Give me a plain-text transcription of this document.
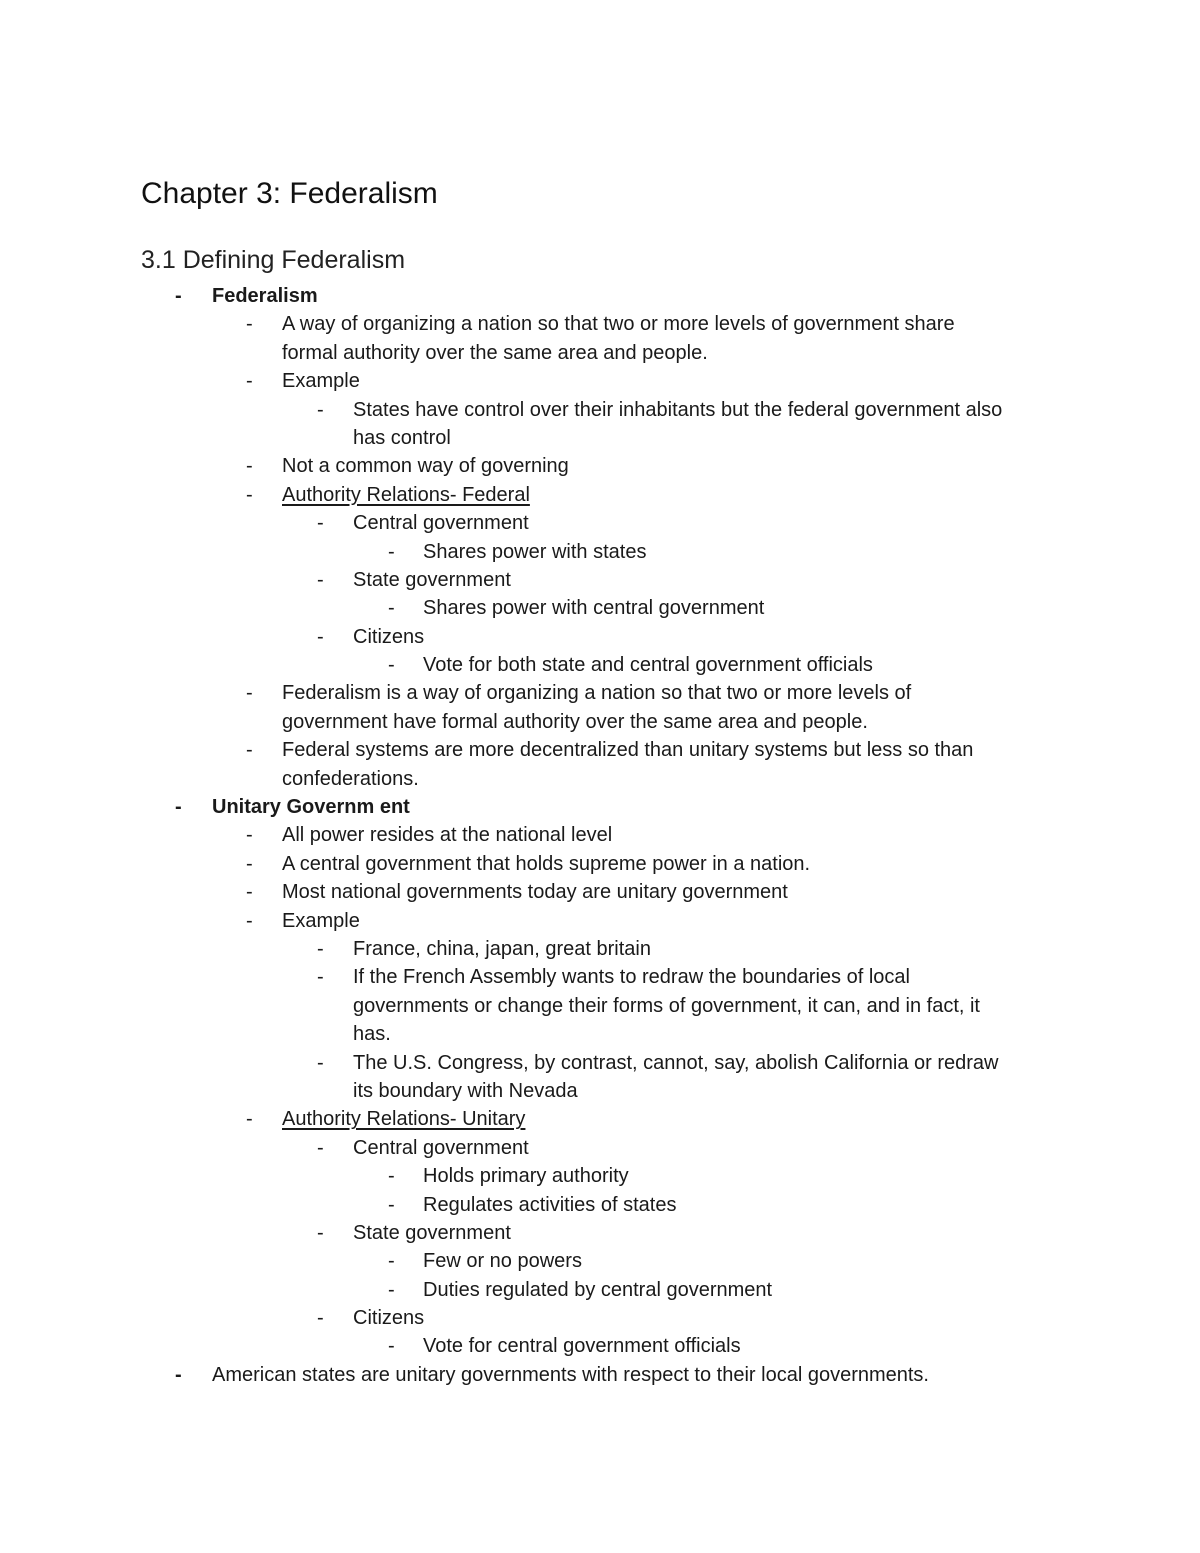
Chapter 3: Federalism
3.1 Defining Federalism
- Federalism
- A way of organizing a nation so that two or more levels of government share
formal authority over the same area and people.
- Example
- States have control over their inhabitants but the federal government also
has control
- Not a common way of governing
- Authority Relations- Federal
- Central government
- Shares power with states
- State government
- Shares power with central government
- Citizens
- Vote for both state and central government officials
- Federalism is a way of organizing a nation so that two or more levels of
government have formal authority over the same area and people.
- Federal systems are more decentralized than unitary systems but less so than
confederations.
- Unitary Governm ent
- All power resides at the national level
- A central government that holds supreme power in a nation.
- Most national governments today are unitary government
- Example
- France, china, japan, great britain
- If the French Assembly wants to redraw the boundaries of local
governments or change their forms of government, it can, and in fact, it
has.
- The U.S. Congress, by contrast, cannot, say, abolish California or redraw
its boundary with Nevada
- Authority Relations- Unitary
- Central government
- Holds primary authority
- Regulates activities of states
- State government
- Few or no powers
- Duties regulated by central government
- Citizens
- Vote for central government officials
- American states are unitary governments with respect to their local governments.
